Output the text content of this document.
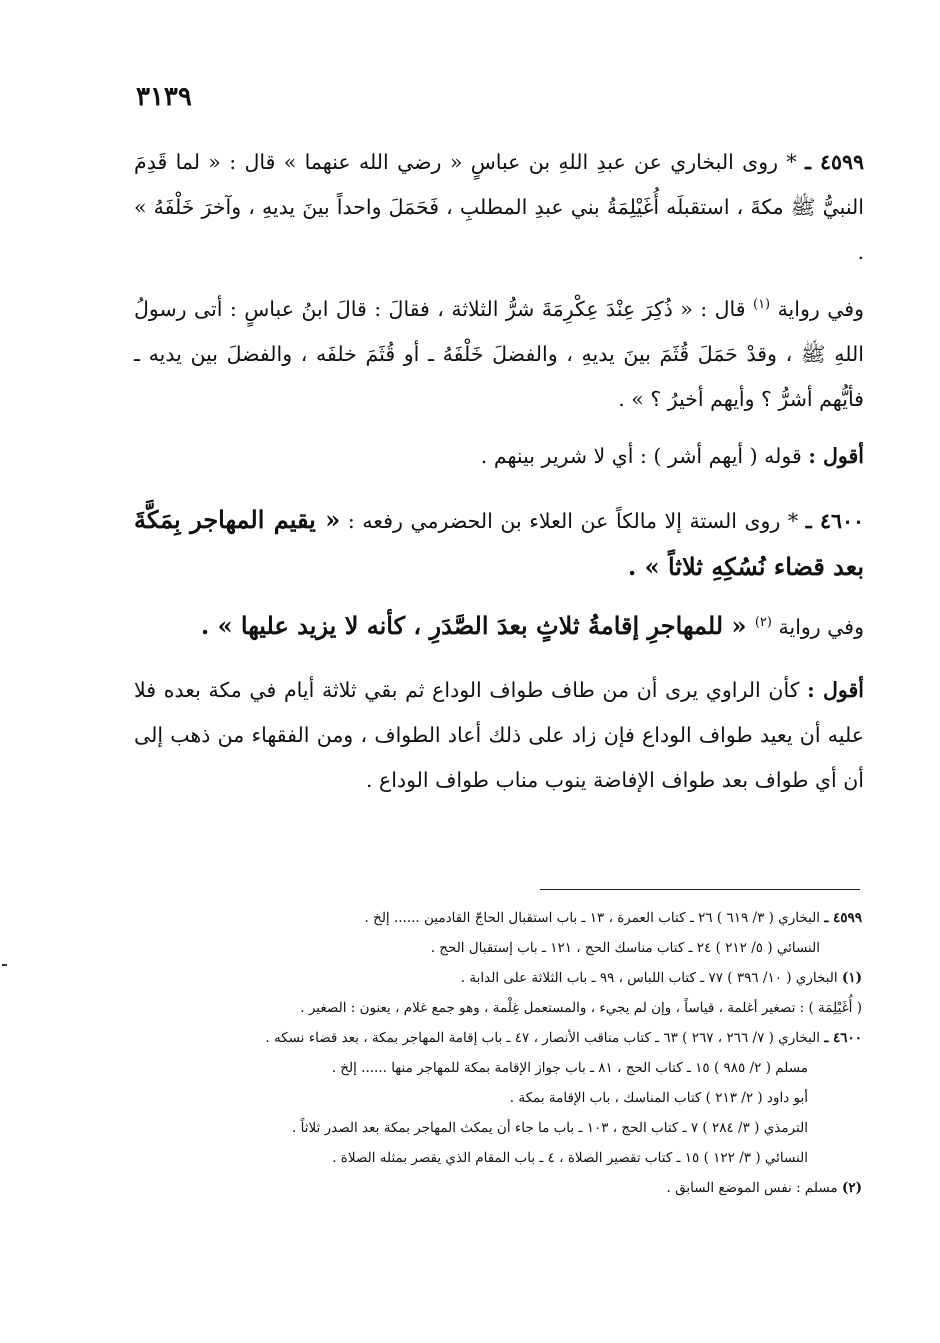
٣١٣٩

٤٥٩٩ ـ * روى البخاري عن عبدِ اللهِ بن عباسٍ « رضي الله عنهما » قال : « لما قَدِمَ النبيُّ ﷺ مكةَ ، استقبلَه أُغَيْلِمَةُ بني عبدِ المطلبِ ، فَحَمَلَ واحداً بينَ يديهِ ، وآخرَ خَلْفَهُ » .

وفي رواية $^{(١)}$ قال : « ذُكِرَ عِنْدَ عِكْرِمَةَ شرُّ الثلاثة ، فقالَ : قالَ ابنُ عباسٍ : أتى رسولُ اللهِ ﷺ ، وقدْ حَمَلَ قُثَمَ بينَ يديهِ ، والفضلَ خَلْفَهُ ـ أو قُثَمَ خلفَه ، والفضلَ بين يديه ـ فأيُّهم أشرُّ ؟ وأيهم أخيرُ ؟ » .

أقول : قوله ( أيهم أشر ) : أي لا شرير بينهم .

٤٦٠٠ ـ * روى الستة إلا مالكاً عن العلاء بن الحضرمي رفعه : « يقيم المهاجر بِمَكَّةَ بعد قضاء نُسُكِهِ ثلاثاً » .

وفي رواية $^{(٢)}$ « للمهاجرِ إقامةُ ثلاثٍ بعدَ الصَّدَرِ ، كأنه لا يزيد عليها » .

أقول : كأن الراوي يرى أن من طاف طواف الوداع ثم بقي ثلاثة أيام في مكة بعده فلا عليه أن يعيد طواف الوداع فإن زاد على ذلك أعاد الطواف ، ومن الفقهاء من ذهب إلى أن أي طواف بعد طواف الإفاضة ينوب مناب طواف الوداع .

٤٥٩٩ ـ البخاري ( ٣/ ٦١٩ ) ٢٦ ـ كتاب العمرة ، ١٣ ـ باب استقبال الحاجّ القادمين ...... إلخ .
النسائي ( ٥/ ٢١٢ ) ٢٤ ـ كتاب مناسك الحج ، ١٢١ ـ باب إستقبال الحج .
(١) البخاري ( ١٠/ ٣٩٦ ) ٧٧ ـ كتاب اللباس ، ٩٩ ـ باب الثلاثة على الدابة .
( أُغَيْلِمَة ) : تصغير أغلمة ، قياساً ، وإن لم يجيء ، والمستعمل غِلْمة ، وهو جمع غلام ، يعنون : الصغير .
٤٦٠٠ ـ البخاري ( ٧/ ٢٦٦ ، ٢٦٧ ) ٦٣ ـ كتاب مناقب الأنصار ، ٤٧ ـ باب إقامة المهاجر بمكة ، بعد قضاء نسكه .
مسلم ( ٢/ ٩٨٥ ) ١٥ ـ كتاب الحج ، ٨١ ـ باب جواز الإقامة بمكة للمهاجر منها ...... إلخ .
أبو داود ( ٢/ ٢١٣ ) كتاب المناسك ، باب الإقامة بمكة .
الترمذي ( ٣/ ٢٨٤ ) ٧ ـ كتاب الحج ، ١٠٣ ـ باب ما جاء أن يمكث المهاجر بمكة بعد الصدر ثلاثاً .
النسائي ( ٣/ ١٢٢ ) ١٥ ـ كتاب تقصير الصلاة ، ٤ ـ باب المقام الذي يقصر بمثله الصلاة .
(٢) مسلم : نفس الموضع السابق .
